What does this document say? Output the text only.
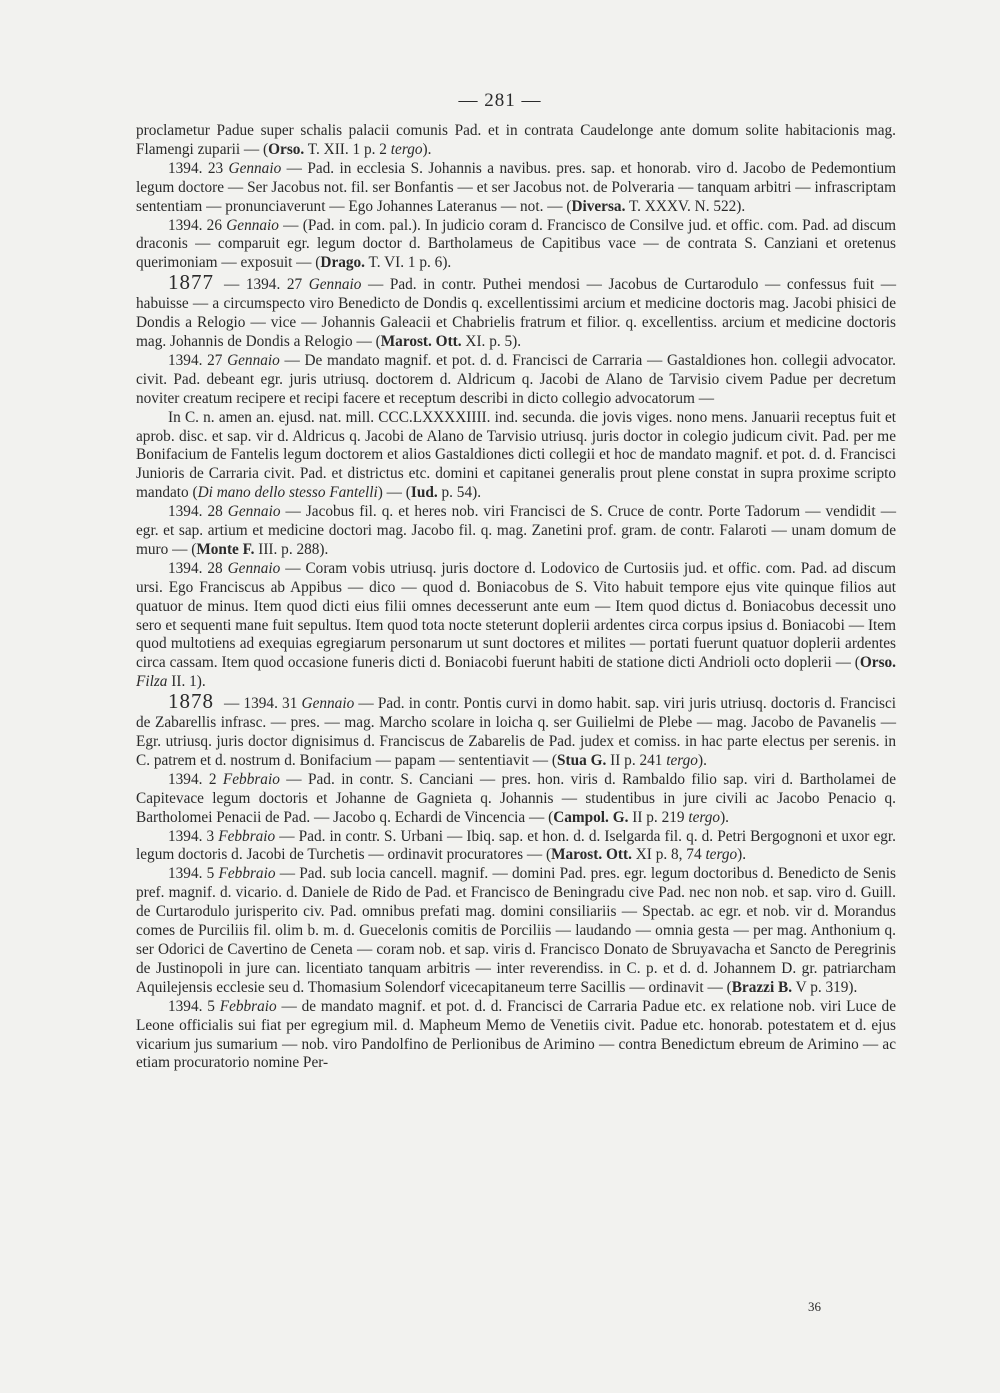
— 281 —

proclametur Padue super schalis palacii comunis Pad. et in contrata Caudelonge ante domum solite habitacionis mag. Flamengi zuparii — (Orso. T. XII. 1 p. 2 tergo).

1394. 23 Gennaio — Pad. in ecclesia S. Johannis a navibus. pres. sap. et honorab. viro d. Jacobo de Pedemontium legum doctore — Ser Jacobus not. fil. ser Bonfantis — et ser Jacobus not. de Polveraria — tanquam arbitri — infrascriptam sententiam — pronunciaverunt — Ego Johannes Lateranus — not. — (Diversa. T. XXXV. N. 522).

1394. 26 Gennaio — (Pad. in com. pal.). In judicio coram d. Francisco de Consilve jud. et offic. com. Pad. ad discum draconis — comparuit egr. legum doctor d. Bartholameus de Capitibus vace — de contrata S. Canziani et oretenus querimoniam — exposuit — (Drago. T. VI. 1 p. 6).

1877 — 1394. 27 Gennaio — Pad. in contr. Puthei mendosi — Jacobus de Curtarodulo — confessus fuit — habuisse — a circumspecto viro Benedicto de Dondis q. excellentissimi arcium et medicine doctoris mag. Jacobi phisici de Dondis a Relogio — vice — Johannis Galeacii et Chabrielis fratrum et filior. q. excellentiss. arcium et medicine doctoris mag. Johannis de Dondis a Relogio — (Marost. Ott. XI. p. 5).

1394. 27 Gennaio — De mandato magnif. et pot. d. d. Francisci de Carraria — Gastaldiones hon. collegii advocator. civit. Pad. debeant egr. juris utriusq. doctorem d. Aldricum q. Jacobi de Alano de Tarvisio civem Padue per decretum noviter creatum recipere et recipi facere et receptum describi in dicto collegio advocatorum —

In C. n. amen an. ejusd. nat. mill. CCC.LXXXXIIII. ind. secunda. die jovis viges. nono mens. Januarii receptus fuit et aprob. disc. et sap. vir d. Aldricus q. Jacobi de Alano de Tarvisio utriusq. juris doctor in colegio judicum civit. Pad. per me Bonifacium de Fantelis legum doctorem et alios Gastaldiones dicti collegii et hoc de mandato magnif. et pot. d. d. Francisci Junioris de Carraria civit. Pad. et districtus etc. domini et capitanei generalis prout plene constat in supra proxime scripto mandato (Di mano dello stesso Fantelli) — (Iud. p. 54).

1394. 28 Gennaio — Jacobus fil. q. et heres nob. viri Francisci de S. Cruce de contr. Porte Tadorum — vendidit — egr. et sap. artium et medicine doctori mag. Jacobo fil. q. mag. Zanetini prof. gram. de contr. Falaroti — unam domum de muro — (Monte F. III. p. 288).

1394. 28 Gennaio — Coram vobis utriusq. juris doctore d. Lodovico de Curtosiis jud. et offic. com. Pad. ad discum ursi. Ego Franciscus ab Appibus — dico — quod d. Boniacobus de S. Vito habuit tempore ejus vite quinque filios aut quatuor de minus. Item quod dicti eius filii omnes decesserunt ante eum — Item quod dictus d. Boniacobus decessit uno sero et sequenti mane fuit sepultus. Item quod tota nocte steterunt doplerii ardentes circa corpus ipsius d. Boniacobi — Item quod multotiens ad exequias egregiarum personarum ut sunt doctores et milites — portati fuerunt quatuor doplerii ardentes circa cassam. Item quod occasione funeris dicti d. Boniacobi fuerunt habiti de statione dicti Andrioli octo doplerii — (Orso. Filza II. 1).

1878 — 1394. 31 Gennaio — Pad. in contr. Pontis curvi in domo habit. sap. viri juris utriusq. doctoris d. Francisci de Zabarellis infrasc. — pres. — mag. Marcho scolare in loicha q. ser Guilielmi de Plebe — mag. Jacobo de Pavanelis — Egr. utriusq. juris doctor dignisimus d. Franciscus de Zabarelis de Pad. judex et comiss. in hac parte electus per serenis. in C. patrem et d. nostrum d. Bonifacium — papam — sententiavit — (Stua G. II p. 241 tergo).

1394. 2 Febbraio — Pad. in contr. S. Canciani — pres. hon. viris d. Rambaldo filio sap. viri d. Bartholamei de Capitevace legum doctoris et Johanne de Gagnieta q. Johannis — studentibus in jure civili ac Jacobo Penacio q. Bartholomei Penacii de Pad. — Jacobo q. Echardi de Vincencia — (Campol. G. II p. 219 tergo).

1394. 3 Febbraio — Pad. in contr. S. Urbani — Ibiq. sap. et hon. d. d. Iselgarda fil. q. d. Petri Bergognoni et uxor egr. legum doctoris d. Jacobi de Turchetis — ordinavit procuratores — (Marost. Ott. XI p. 8, 74 tergo).

1394. 5 Febbraio — Pad. sub locia cancell. magnif. — domini Pad. pres. egr. legum doctoribus d. Benedicto de Senis pref. magnif. d. vicario. d. Daniele de Rido de Pad. et Francisco de Beningradu cive Pad. nec non nob. et sap. viro d. Guill. de Curtarodulo jurisperito civ. Pad. omnibus prefati mag. domini consiliariis — Spectab. ac egr. et nob. vir d. Morandus comes de Purciliis fil. olim b. m. d. Guecelonis comitis de Porciliis — laudando — omnia gesta — per mag. Anthonium q. ser Odorici de Cavertino de Ceneta — coram nob. et sap. viris d. Francisco Donato de Sbruyavacha et Sancto de Peregrinis de Justinopoli in jure can. licentiato tanquam arbitris — inter reverendiss. in C. p. et d. d. Johannem D. gr. patriarcham Aquilejensis ecclesie seu d. Thomasium Solendorf vicecapitaneum terre Sacillis — ordinavit — (Brazzi B. V p. 319).

1394. 5 Febbraio — de mandato magnif. et pot. d. d. Francisci de Carraria Padue etc. ex relatione nob. viri Luce de Leone officialis sui fiat per egregium mil. d. Mapheum Memo de Venetiis civit. Padue etc. honorab. potestatem et d. ejus vicarium jus sumarium — nob. viro Pandolfino de Perlionibus de Arimino — contra Benedictum ebreum de Arimino — ac etiam procuratorio nomine Per-

36
